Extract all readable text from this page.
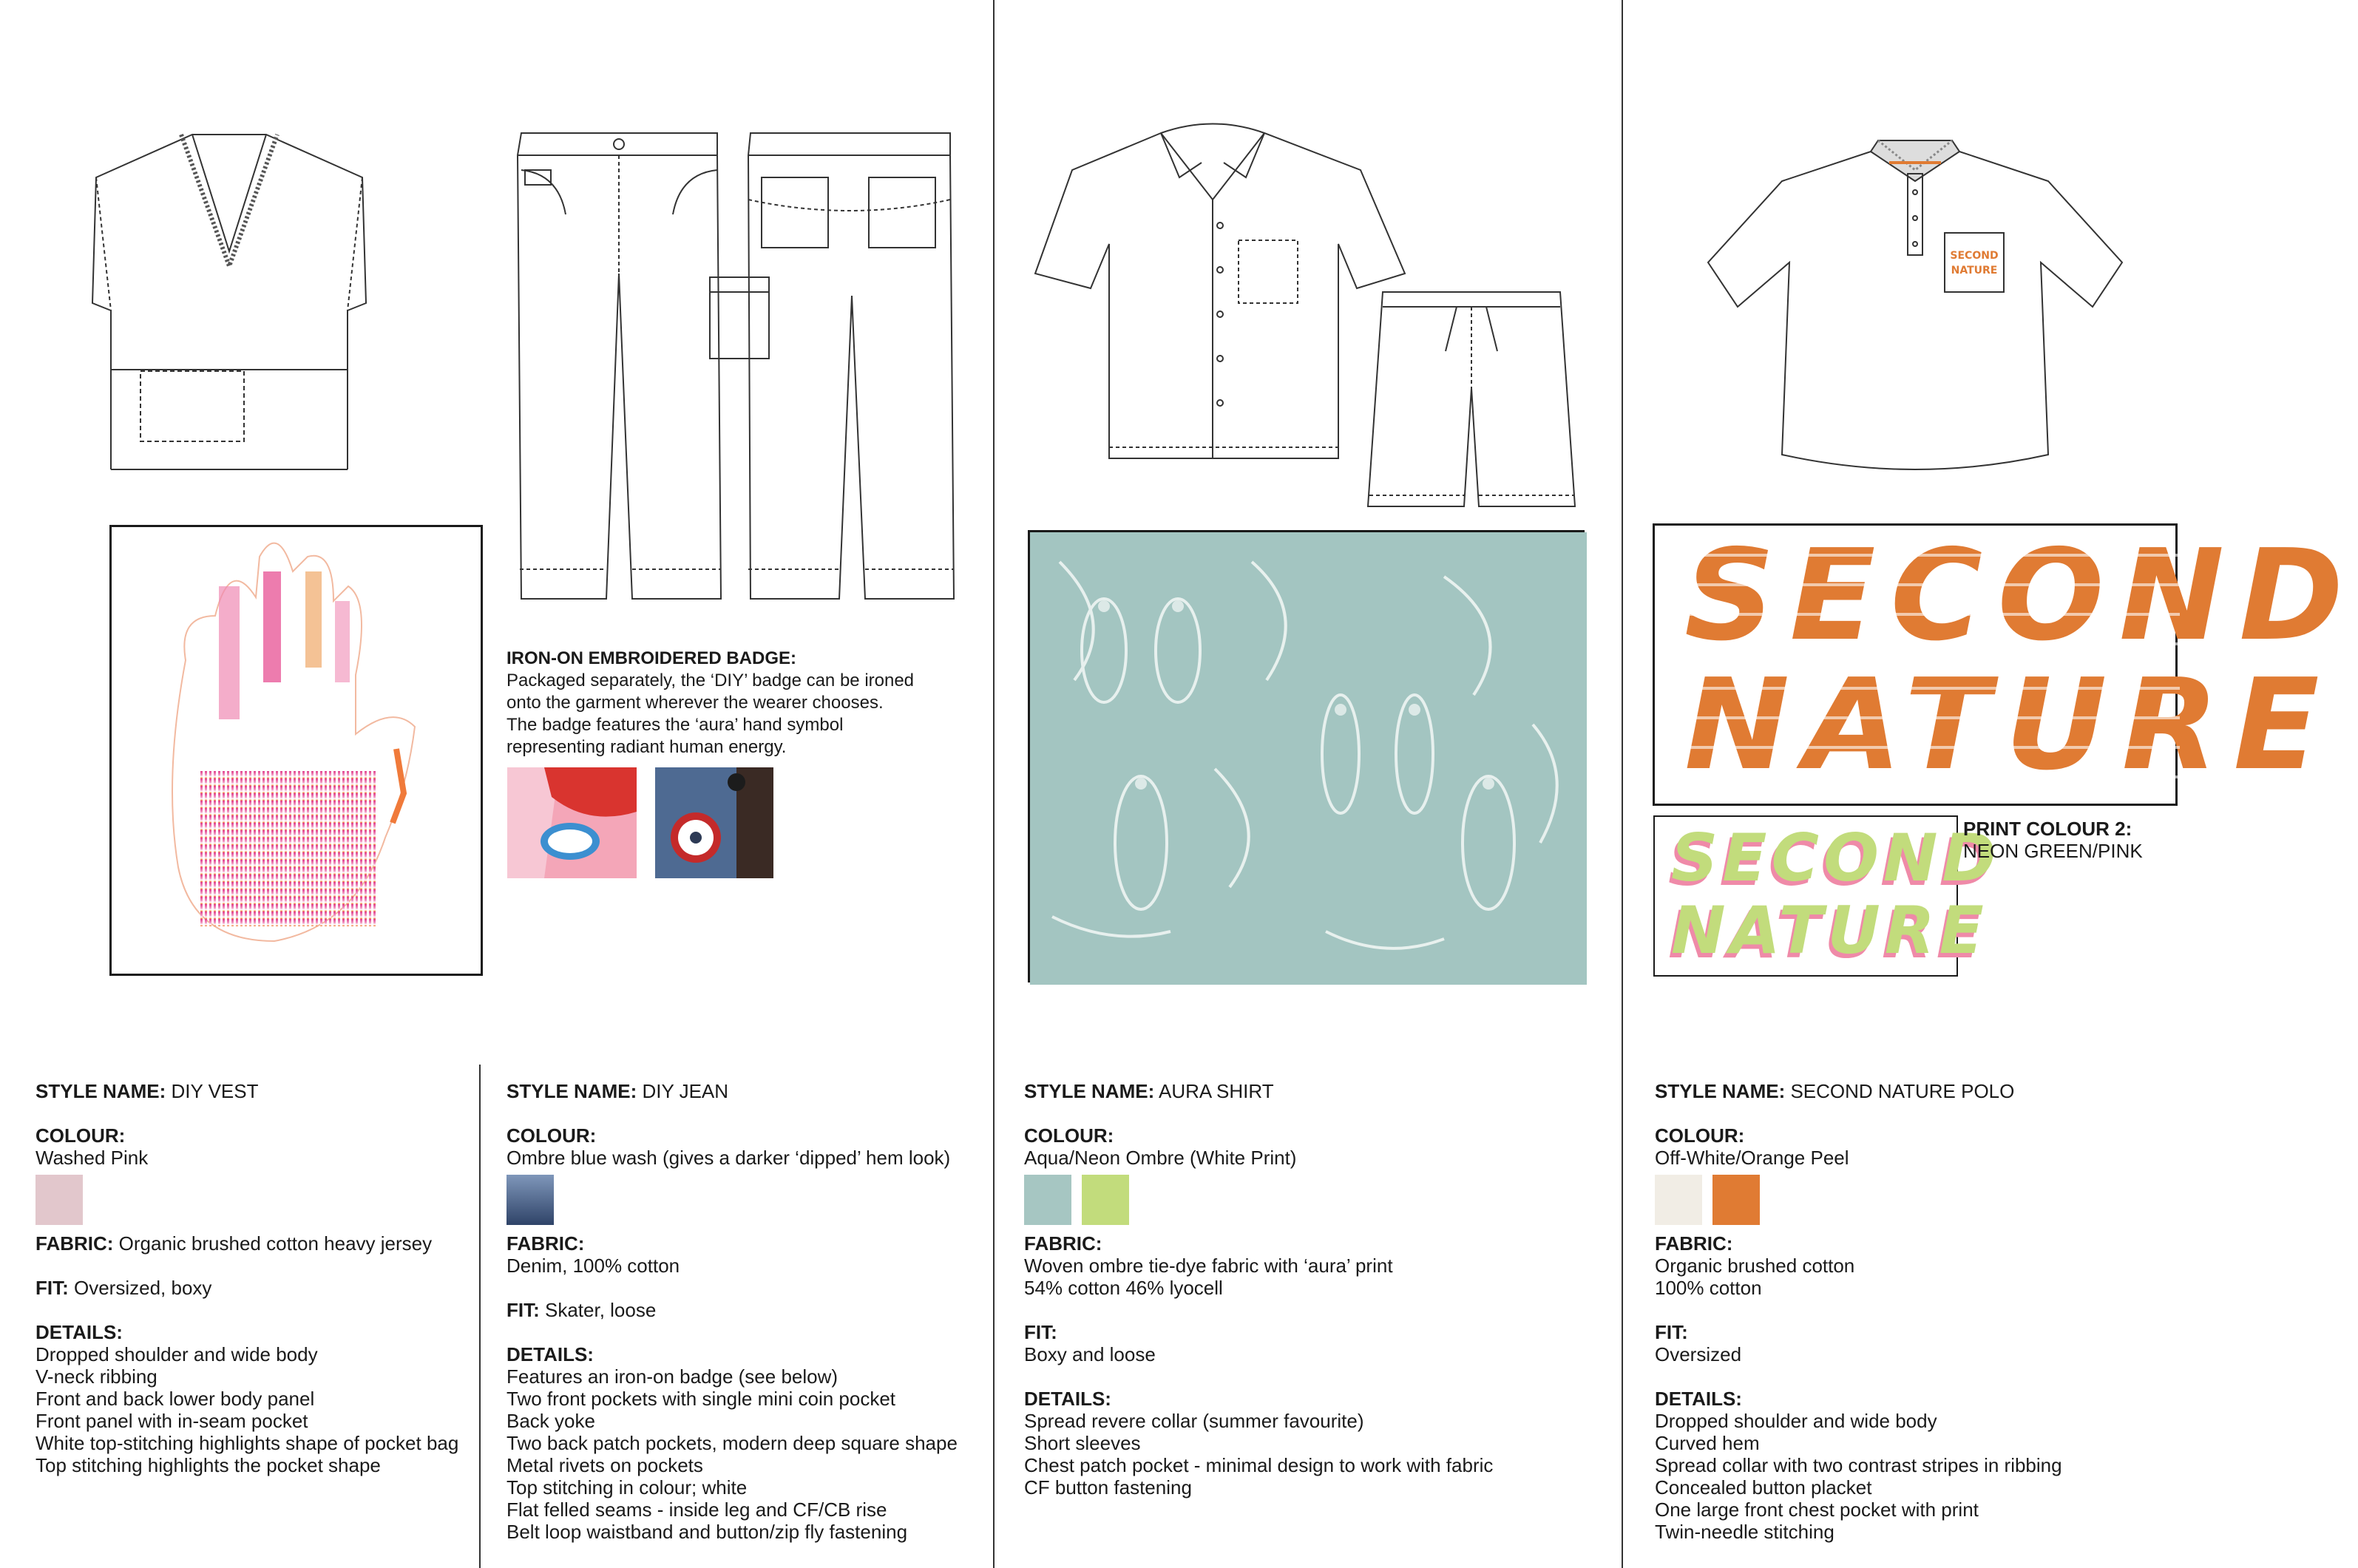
IRON-ON EMBROIDERED BADGE:
Packaged separately, the ‘DIY’ badge can be ironed
onto the garment wherever the wearer chooses.
The badge features the ‘aura’ hand symbol
representing radiant human energy.
SECOND
NATURE
SECOND
NATURE
SECOND
NATURE
PRINT COLOUR 2:
NEON GREEN/PINK

STYLE NAME: DIY VEST

COLOUR:

Washed Pink

FABRIC: Organic brushed cotton heavy jersey

FIT: Oversized, boxy

DETAILS:

Dropped shoulder and wide body

V-neck ribbing

Front and back lower body panel

Front panel with in-seam pocket

White top-stitching highlights shape of pocket bag

Top stitching highlights the pocket shape

STYLE NAME: DIY JEAN

COLOUR:

Ombre blue wash (gives a darker ‘dipped’ hem look)

FABRIC:

Denim, 100% cotton

FIT: Skater, loose

DETAILS:

Features an iron-on badge (see below)

Two front pockets with single mini coin pocket

Back yoke

Two back patch pockets, modern deep square shape

Metal rivets on pockets

Top stitching in colour; white

Flat felled seams - inside leg and CF/CB rise

Belt loop waistband and button/zip fly fastening

STYLE NAME: AURA SHIRT

COLOUR:

Aqua/Neon Ombre (White Print)

FABRIC:

Woven ombre tie-dye fabric with ‘aura’ print

54% cotton 46% lyocell

FIT:

Boxy and loose

DETAILS:

Spread revere collar (summer favourite)

Short sleeves

Chest patch pocket - minimal design to work with fabric

CF button fastening

STYLE NAME: SECOND NATURE POLO

COLOUR:

Off-White/Orange Peel

FABRIC:

Organic brushed cotton

100% cotton

FIT:

Oversized

DETAILS:

Dropped shoulder and wide body

Curved hem

Spread collar with two contrast stripes in ribbing

Concealed button placket

One large front chest pocket with print

Twin-needle stitching
